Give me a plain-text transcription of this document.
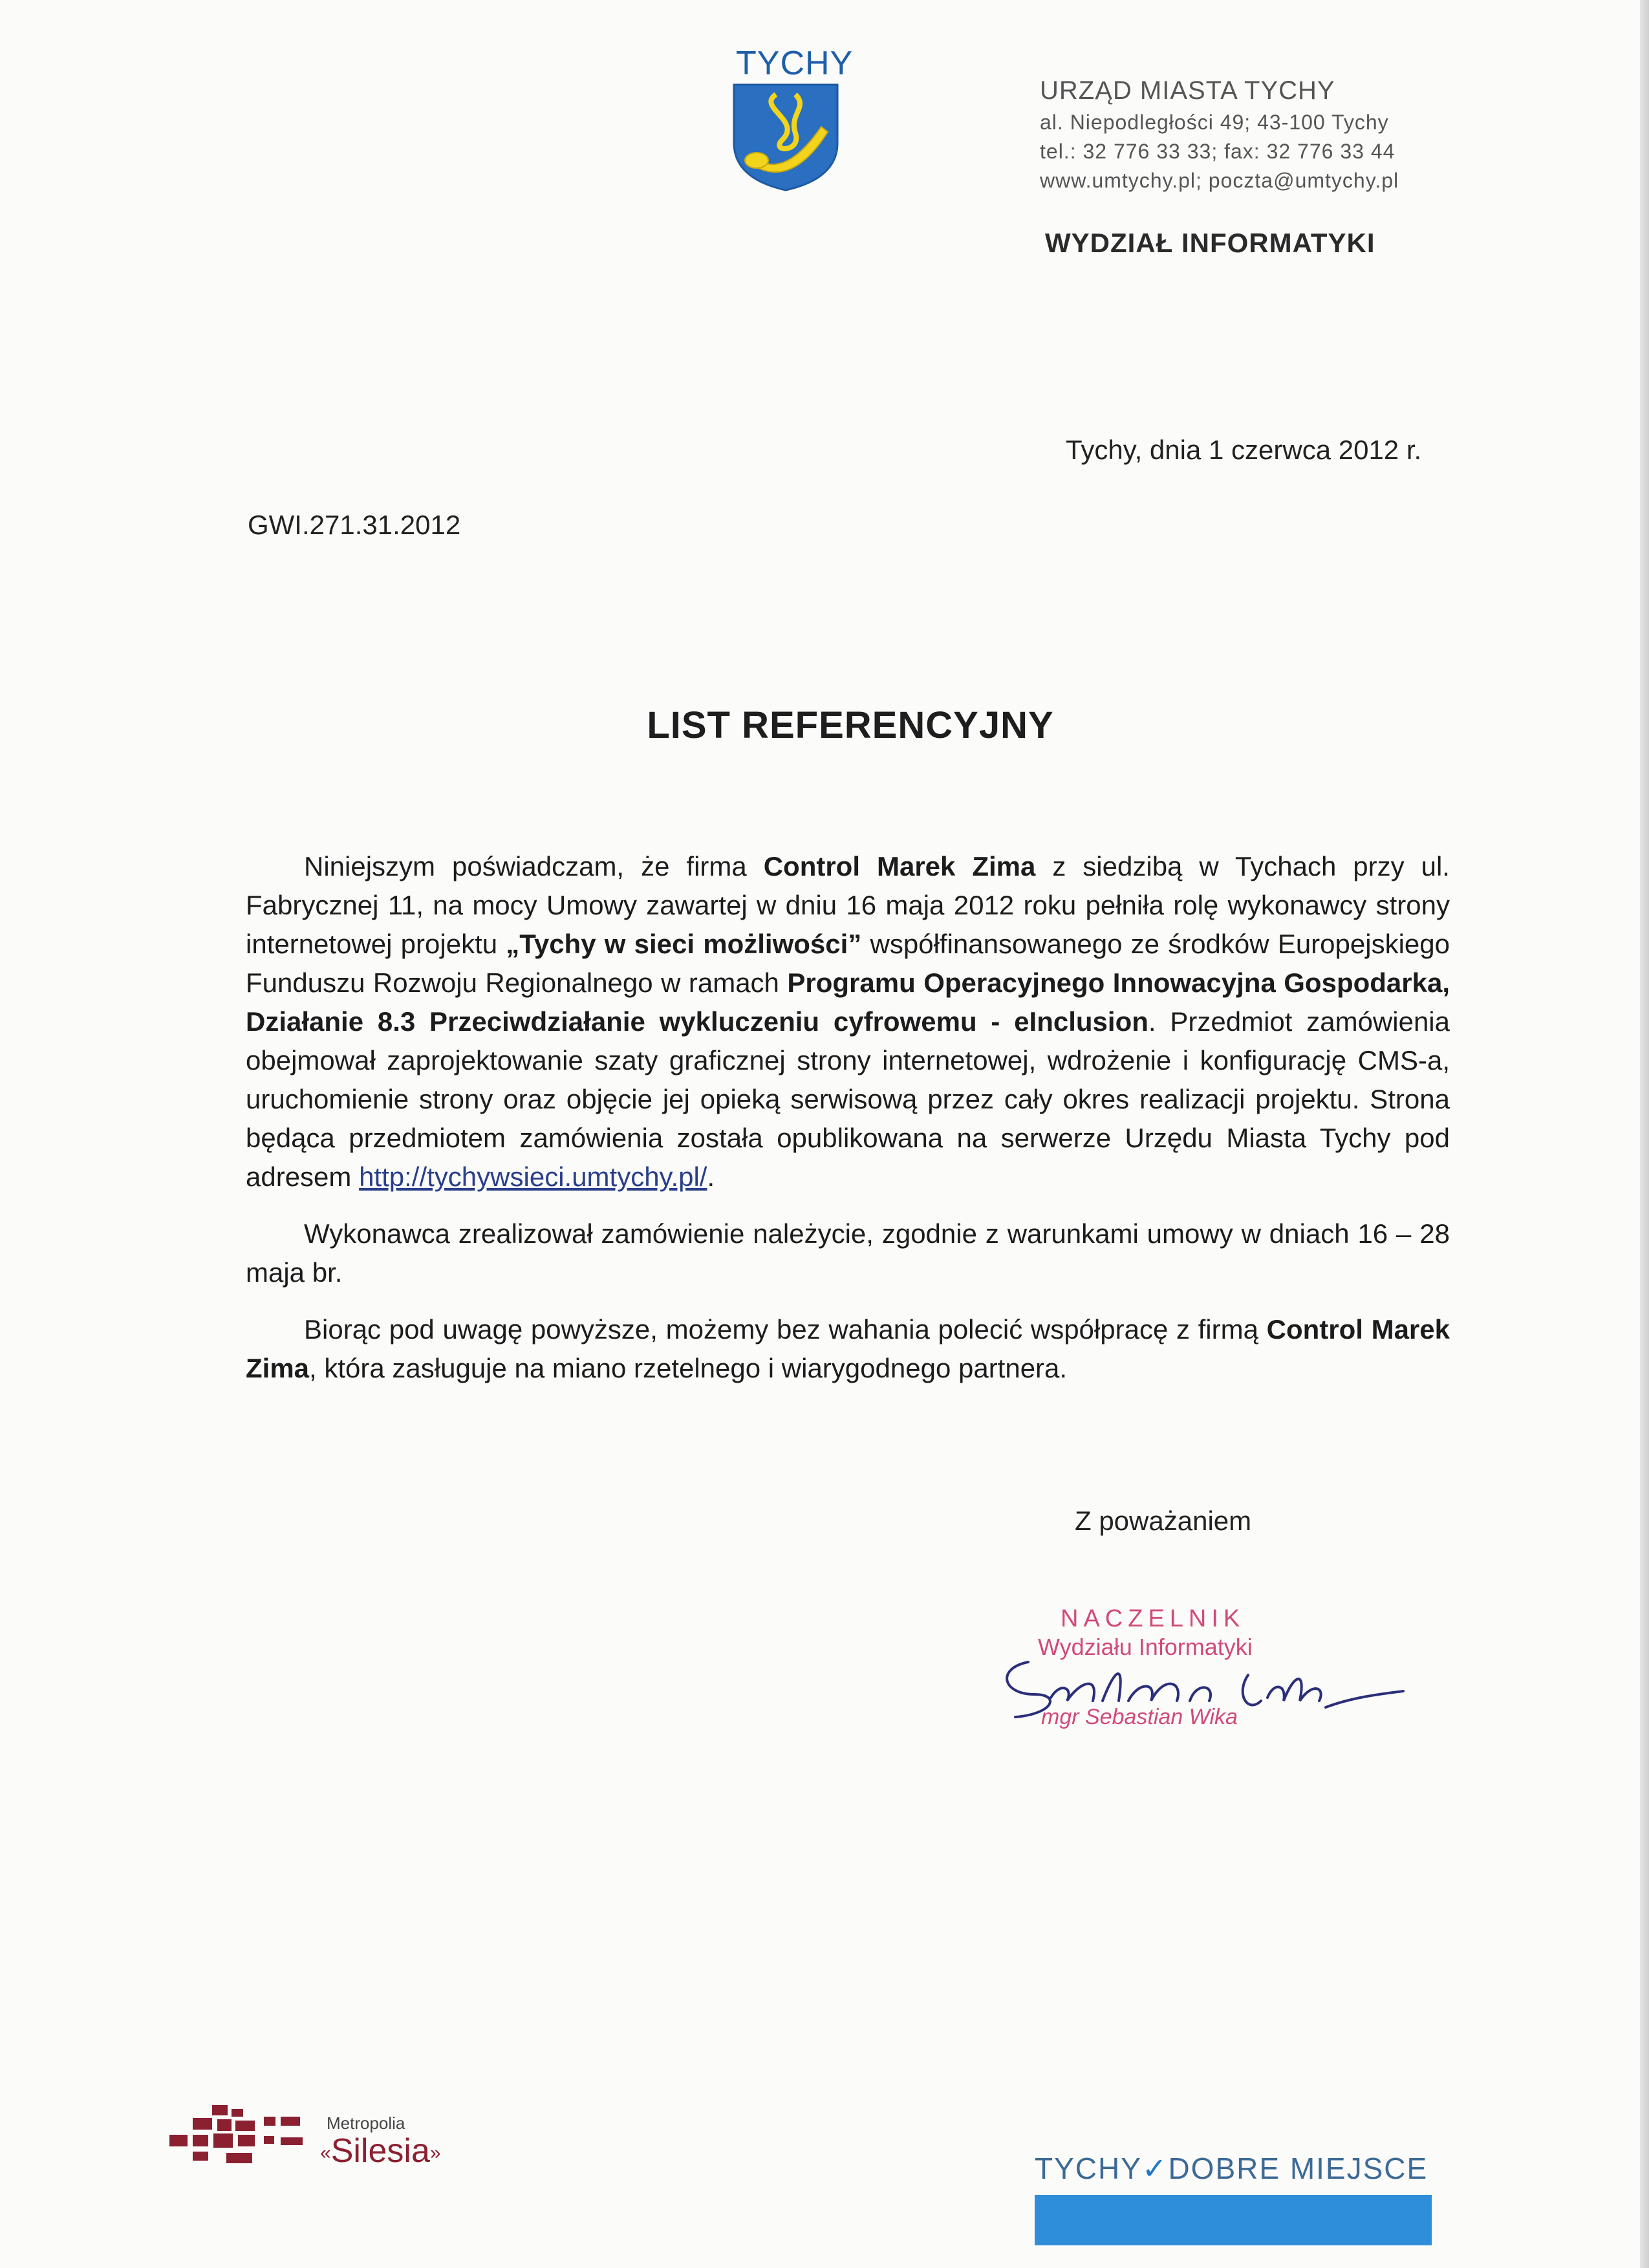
TYCHY
URZĄD MIASTA TYCHY
al. Niepodległości 49; 43-100 Tychy
tel.: 32 776 33 33; fax: 32 776 33 44
www.umtychy.pl; poczta@umtychy.pl
WYDZIAŁ INFORMATYKI
Tychy, dnia 1 czerwca 2012 r.
GWI.271.31.2012
LIST REFERENCYJNY

Niniejszym poświadczam, że firma Control Marek Zima z siedzibą w Tychach przy ul. Fabrycznej 11, na mocy Umowy zawartej w dniu 16 maja 2012 roku pełniła rolę wykonawcy strony internetowej projektu „Tychy w sieci możliwości” współfinansowanego ze środków Europejskiego Funduszu Rozwoju Regionalnego w ramach Programu Operacyjnego Innowacyjna Gospodarka, Działanie 8.3 Przeciwdziałanie wykluczeniu cyfrowemu - eInclusion. Przedmiot zamówienia obejmował zaprojektowanie szaty graficznej strony internetowej, wdrożenie i konfigurację CMS-a, uruchomienie strony oraz objęcie jej opieką serwisową przez cały okres realizacji projektu. Strona będąca przedmiotem zamówienia została opublikowana na serwerze Urzędu Miasta Tychy pod adresem http://tychywsieci.umtychy.pl/.

Wykonawca zrealizował zamówienie należycie, zgodnie z warunkami umowy w dniach 16 – 28 maja br.

Biorąc pod uwagę powyższe, możemy bez wahania polecić współpracę z firmą Control Marek Zima, która zasługuje na miano rzetelnego i wiarygodnego partnera.

Z poważaniem
NACZELNIK
Wydziału Informatyki
mgr Sebastian Wika
Metropolia
«Silesia»	TYCHY✓DOBRE MIEJSCE
